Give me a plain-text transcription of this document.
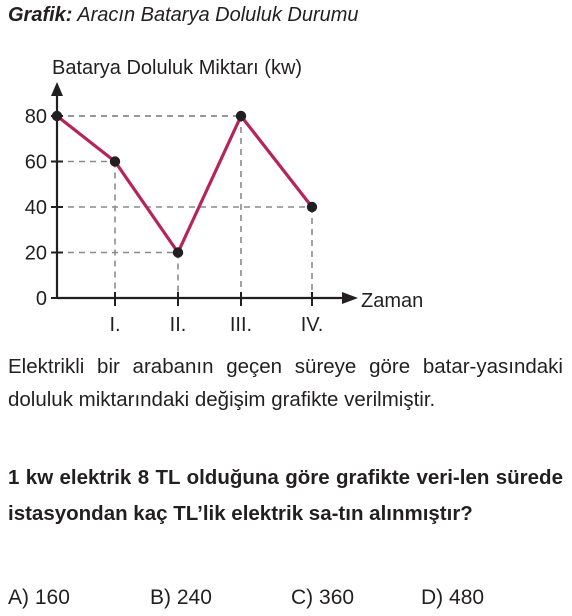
Grafik: Aracın Batarya Doluluk Durumu
0
20
40
60
80
I. II. III. IV.
Batarya Doluluk Miktarı (kw)
Zaman

Elektrikli bir arabanın geçen süreye göre batar-yasındaki doluluk miktarındaki değişim grafikte verilmiştir.

1 kw elektrik 8 TL olduğuna göre grafikte veri-len sürede istasyondan kaç TL’lik elektrik sa-tın alınmıştır?

A) 160	B) 240	C) 360	D) 480
